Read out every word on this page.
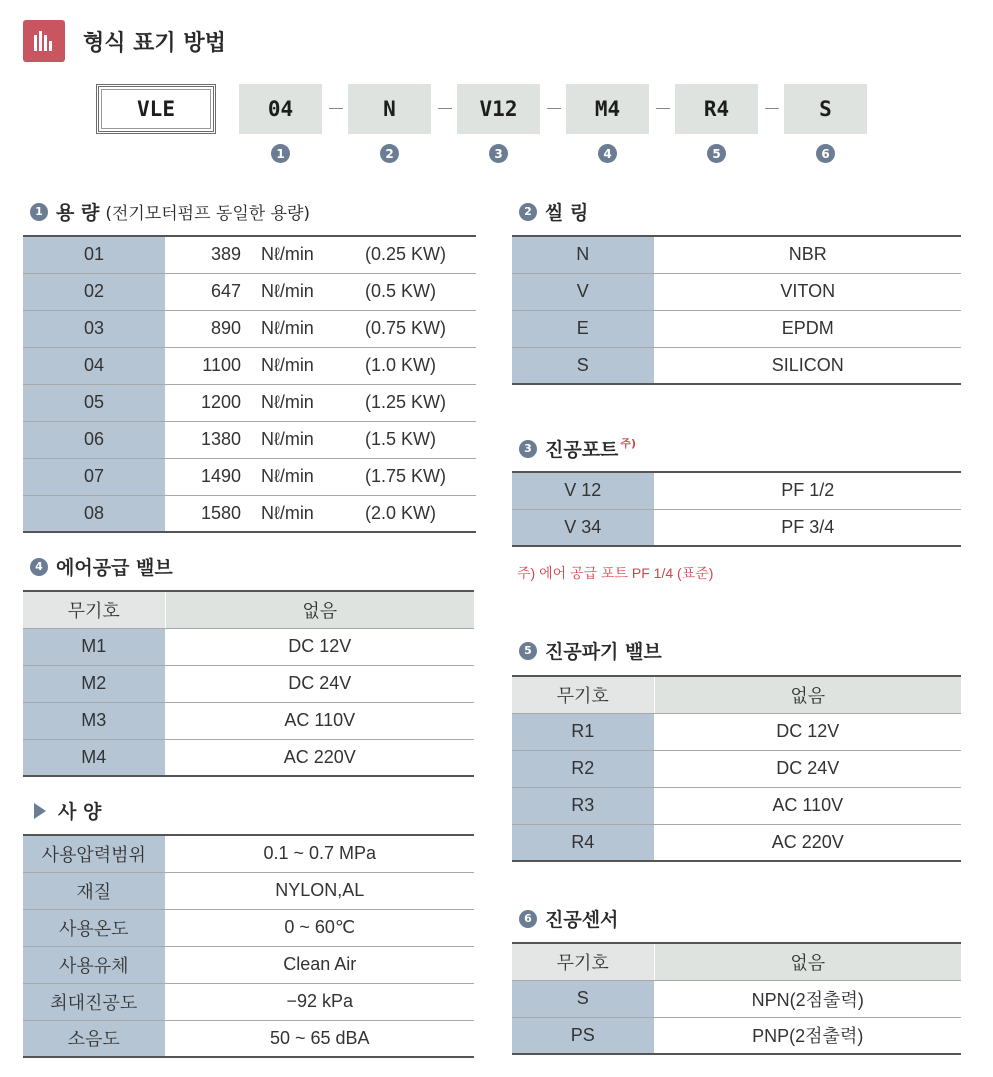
형식 표기 방법
VLE	04	N	V12	M4	R4	S
1	2	3	4	5	6
1 용 량 (전기모터펌프 동일한 용량)
01	389 Nℓ/min (0.25 KW)
02	647 Nℓ/min (0.5 KW)
03	890 Nℓ/min (0.75 KW)
04	1100 Nℓ/min (1.0 KW)
05	1200 Nℓ/min (1.25 KW)
06	1380 Nℓ/min (1.5 KW)
07	1490 Nℓ/min (1.75 KW)
08	1580 Nℓ/min (2.0 KW)
2 씰 링
N	NBR
V	VITON
E	EPDM
S	SILICON
3 진공포트$^{주)}$
V 12	PF 1/2
V 34	PF 3/4
주) 에어 공급 포트 PF 1/4 (표준)
4 에어공급 밸브
무기호	없음
M1	DC 12V
M2	DC 24V
M3	AC 110V
M4	AC 220V
5 진공파기 밸브
무기호	없음
R1	DC 12V
R2	DC 24V
R3	AC 110V
R4	AC 220V
사 양
사용압력범위	0.1 ~ 0.7 MPa
재질	NYLON,AL
사용온도	0 ~ 60℃
사용유체	Clean Air
최대진공도	−92 kPa
소음도	50 ~ 65 dBA
6 진공센서
무기호	없음
S	NPN(2점출력)
PS	PNP(2점출력)
